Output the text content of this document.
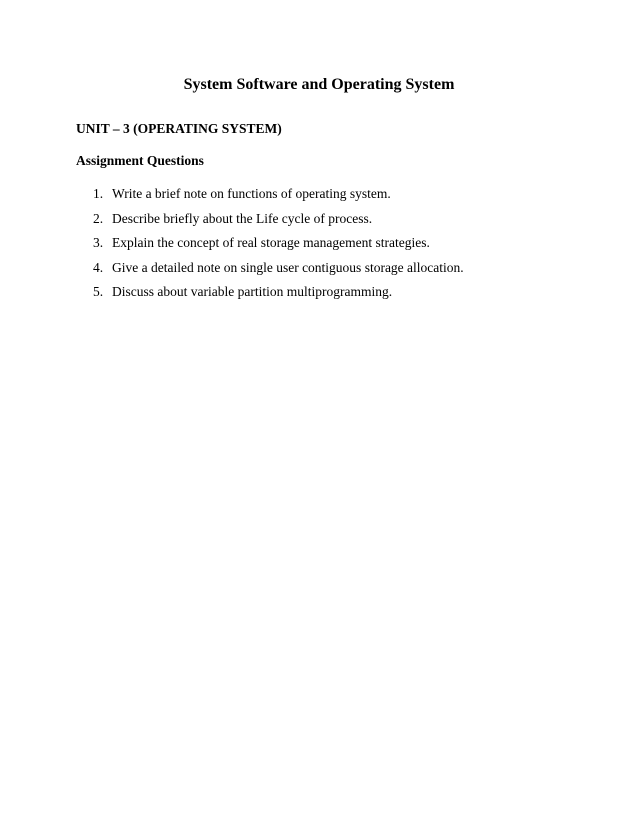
System Software and Operating System
UNIT – 3 (OPERATING SYSTEM)
Assignment Questions
1. Write a brief note on functions of operating system.
2. Describe briefly about the Life cycle of process.
3. Explain the concept of real storage management strategies.
4. Give a detailed note on single user contiguous storage allocation.
5. Discuss about variable partition multiprogramming.
